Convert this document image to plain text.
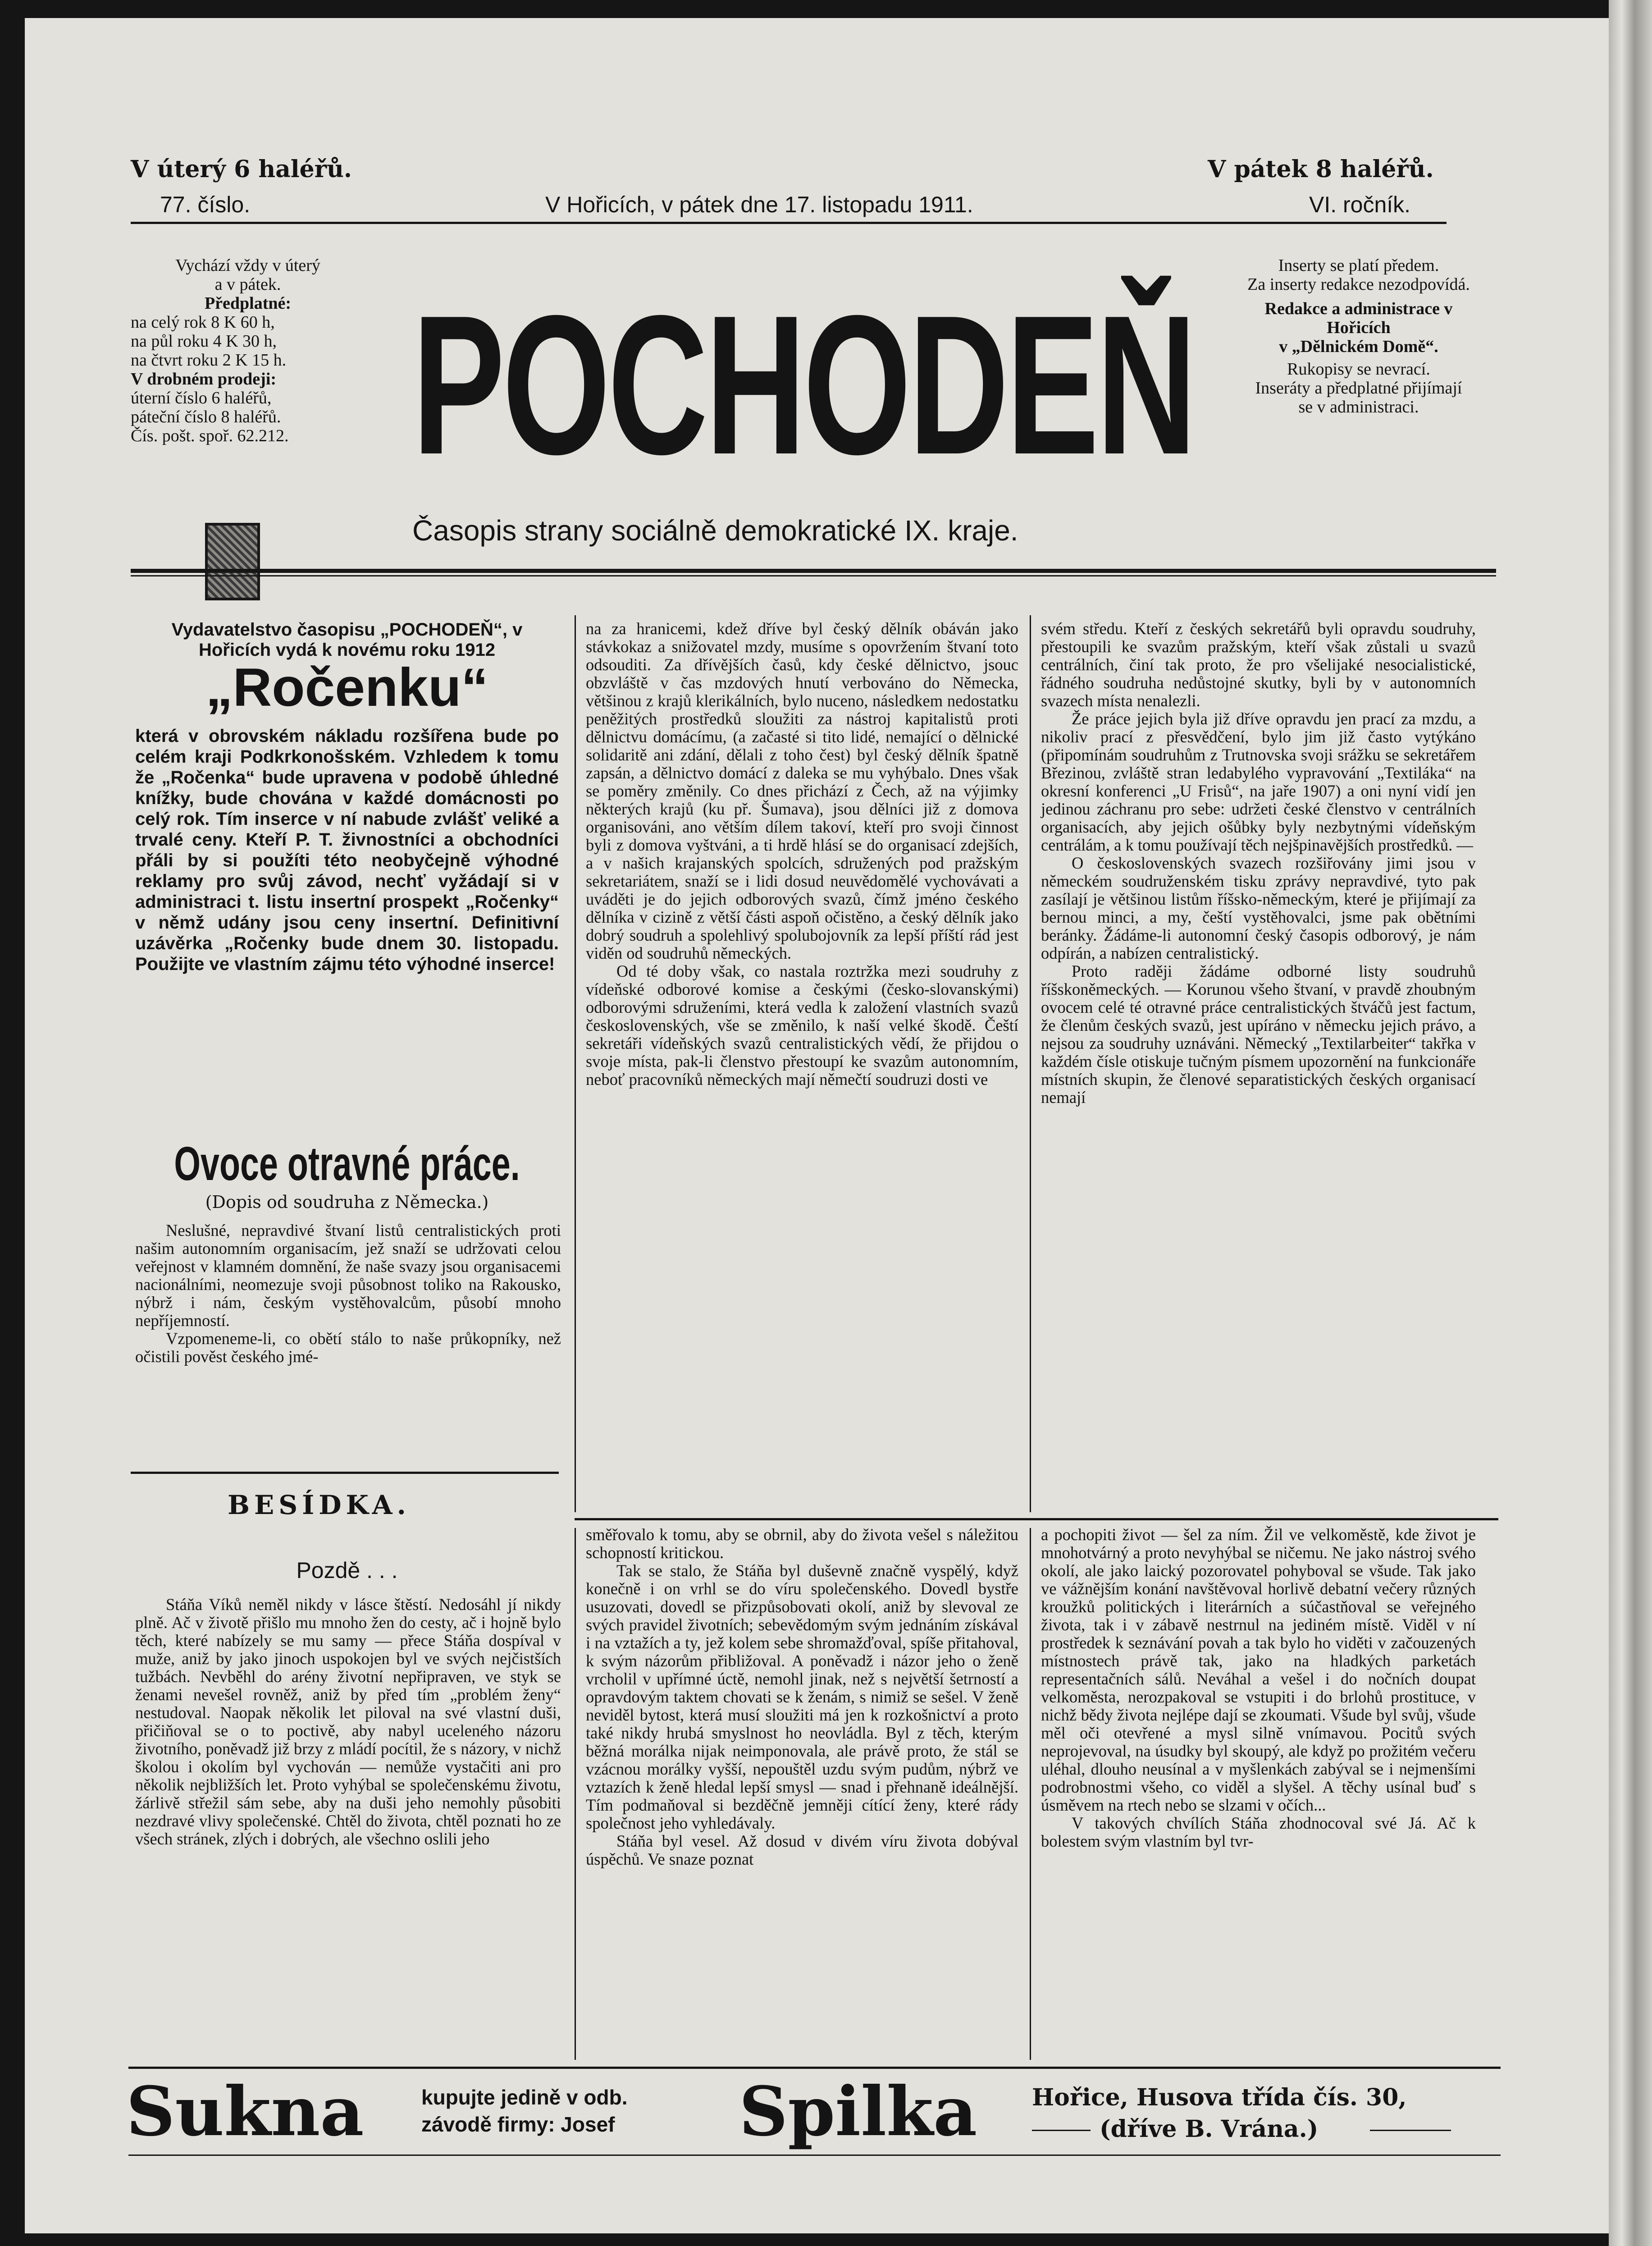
V úterý 6 haléřů.	V pátek 8 haléřů.
77. číslo.	V Hořicích, v pátek dne 17. listopadu 1911.	VI. ročník.
Vychází vždy v úterý
a v pátek.
Předplatné:
na celý rok 8 K 60 h,
na půl roku 4 K 30 h,
na čtvrt roku 2 K 15 h.
V drobném prodeji:
úterní číslo 6 haléřů,
páteční číslo 8 haléřů.
Čís. pošt. spoř. 62.212. POCHODEŇ
Časopis strany sociálně demokratické IX. kraje.
Inserty se platí předem.
Za inserty redakce nezodpovídá.
Redakce a administrace v Hořicích
v „Dělnickém Domě“.
Rukopisy se nevrací.
Inseráty a předplatné přijímají se v administraci.
Vydavatelstvo časopisu „POCHODEŇ“, v Hořicích vydá k novému roku 1912
„Ročenku“
která v obrovském nákladu rozšířena bude po celém kraji Podkrkonošském. Vzhledem k tomu že „Ročenka“ bude upravena v podobě úhledné knížky, bude chována v každé domácnosti po celý rok. Tím inserce v ní nabude zvlášť veliké a trvalé ceny. Kteří P. T. živnostníci a obchodníci přáli by si použíti této neobyčejně výhodné reklamy pro svůj závod, nechť vyžádají si v administraci t. listu insertní prospekt „Ročenky“ v němž udány jsou ceny insertní. Definitivní uzávěrka „Ročenky bude dnem 30. listopadu. Použijte ve vlastním zájmu této výhodné inserce!
Ovoce otravné práce.
(Dopis od soudruha z Německa.)

Neslušné, nepravdivé štvaní listů centralistických proti našim autonomním organisacím, jež snaží se udržovati celou veřejnost v klamném domnění, že naše svazy jsou organisacemi nacionálními, neomezuje svoji působnost toliko na Rakousko, nýbrž i nám, českým vystěhovalcům, působí mnoho nepříjemností.

Vzpomeneme-li, co obětí stálo to naše průkopníky, než očistili pověst českého jmé-

na za hranicemi, kdež dříve byl český dělník obáván jako stávkokaz a snižovatel mzdy, musíme s opovržením štvaní toto odsouditi. Za dřívějších časů, kdy české dělnictvo, jsouc obzvláště v čas mzdových hnutí verbováno do Německa, většinou z krajů klerikálních, bylo nuceno, následkem nedostatku peněžitých prostředků sloužiti za nástroj kapitalistů proti dělnictvu domácímu, (a začasté si tito lidé, nemající o dělnické solidaritě ani zdání, dělali z toho čest) byl český dělník špatně zapsán, a dělnictvo domácí z daleka se mu vyhýbalo. Dnes však se poměry změnily. Co dnes přichází z Čech, až na výjimky některých krajů (ku př. Šumava), jsou dělníci již z domova organisováni, ano větším dílem takoví, kteří pro svoji činnost byli z domova vyštváni, a ti hrdě hlásí se do organisací zdejších, a v našich krajanských spolcích, sdružených pod pražským sekretariátem, snaží se i lidi dosud neuvědomělé vychovávati a uváděti je do jejich odborových svazů, čímž jméno českého dělníka v cizině z větší části aspoň očistěno, a český dělník jako dobrý soudruh a spolehlivý spolubojovník za lepší příští rád jest viděn od soudruhů německých.

Od té doby však, co nastala roztržka mezi soudruhy z vídeňské odborové komise a českými (česko-slovanskými) odborovými sdruženími, která vedla k založení vlastních svazů československých, vše se změnilo, k naší velké škodě. Čeští sekretáři vídeňských svazů centralistických vědí, že přijdou o svoje místa, pak-li členstvo přestoupí ke svazům autonomním, neboť pracovníků německých mají němečtí soudruzi dosti ve

svém středu. Kteří z českých sekretářů byli opravdu soudruhy, přestoupili ke svazům pražským, kteří však zůstali u svazů centrálních, činí tak proto, že pro všelijaké nesocialistické, řádného soudruha nedůstojné skutky, byli by v autonomních svazech místa nenalezli.

Že práce jejich byla již dříve opravdu jen prací za mzdu, a nikoliv prací z přesvědčení, bylo jim již často vytýkáno (připomínám soudruhům z Trutnovska svoji srážku se sekretářem Březinou, zvláště stran ledabylého vypravování „Textiláka“ na okresní konferenci „U Frisů“, na jaře 1907) a oni nyní vidí jen jedinou záchranu pro sebe: udržeti české členstvo v centrálních organisacích, aby jejich ošůbky byly nezbytnými vídeňským centrálám, a k tomu používají těch nejšpinavějších prostředků. —

O československých svazech rozšiřovány jimi jsou v německém soudruženském tisku zprávy nepravdivé, tyto pak zasílají je většinou listům říšsko-německým, které je přijímají za bernou minci, a my, čeští vystěhovalci, jsme pak obětními beránky. Žádáme-li autonomní český časopis odborový, je nám odpírán, a nabízen centralistický.

Proto raději žádáme odborné listy soudruhů říšskoněmeckých. — Korunou všeho štvaní, v pravdě zhoubným ovocem celé té otravné práce centralistických štváčů jest factum, že členům českých svazů, jest upíráno v německu jejich právo, a nejsou za soudruhy uznáváni. Německý „Textilarbeiter“ takřka v každém čísle otiskuje tučným písmem upozornění na funkcionáře místních skupin, že členové separatistických českých organisací nemají

BESÍDKA.
Pozdě . . .

Stáňa Víků neměl nikdy v lásce štěstí. Nedosáhl jí nikdy plně. Ač v životě přišlo mu mnoho žen do cesty, ač i hojně bylo těch, které nabízely se mu samy — přece Stáňa dospíval v muže, aniž by jako jinoch uspokojen byl ve svých nejčistších tužbách. Nevběhl do arény životní nepřipraven, ve styk se ženami nevešel rovněž, aniž by před tím „problém ženy“ nestudoval. Naopak několik let piloval na své vlastní duši, přičiňoval se o to poctivě, aby nabyl uceleného názoru životního, poněvadž již brzy z mládí pocítil, že s názory, v nichž školou i okolím byl vychován — nemůže vystačiti ani pro několik nejbližších let. Proto vyhýbal se společenskému životu, žárlivě střežil sám sebe, aby na duši jeho nemohly působiti nezdravé vlivy společenské. Chtěl do života, chtěl poznati ho ze všech stránek, zlých i dobrých, ale všechno oslili jeho

směřovalo k tomu, aby se obrnil, aby do života vešel s náležitou schopností kritickou.

Tak se stalo, že Stáňa byl duševně značně vyspělý, když konečně i on vrhl se do víru společenského. Dovedl bystře usuzovati, dovedl se přizpůsobovati okolí, aniž by slevoval ze svých pravidel životních; sebevědomým svým jednáním získával i na vztažích a ty, jež kolem sebe shromažďoval, spíše přitahoval, k svým názorům přibližoval. A poněvadž i názor jeho o ženě vrcholil v upřímné úctě, nemohl jinak, než s největší šetrností a opravdovým taktem chovati se k ženám, s nimiž se sešel. V ženě neviděl bytost, která musí sloužiti má jen k rozkošnictví a proto také nikdy hrubá smyslnost ho neovládla. Byl z těch, kterým běžná morálka nijak neimponovala, ale právě proto, že stál se vzácnou morálky vyšší, nepouštěl uzdu svým pudům, nýbrž ve vztazích k ženě hledal lepší smysl — snad i přehnaně ideálnější. Tím podmaňoval si bezděčně jemněji cítící ženy, které rády společnost jeho vyhledávaly.

Stáňa byl vesel. Až dosud v divém víru života dobýval úspěchů. Ve snaze poznat

a pochopiti život — šel za ním. Žil ve velkoměstě, kde život je mnohotvárný a proto nevyhýbal se ničemu. Ne jako nástroj svého okolí, ale jako laický pozorovatel pohyboval se všude. Tak jako ve vážnějším konání navštěvoval horlivě debatní večery různých kroužků politických i literárních a súčastňoval se veřejného života, tak i v zábavě nestrnul na jediném místě. Viděl v ní prostředek k seznávání povah a tak bylo ho viděti v začouzených místnostech právě tak, jako na hladkých parketách representačních sálů. Neváhal a vešel i do nočních doupat velkoměsta, nerozpakoval se vstupiti i do brlohů prostituce, v nichž bědy života nejlépe dají se zkoumati. Všude byl svůj, všude měl oči otevřené a mysl silně vnímavou. Pocitů svých neprojevoval, na úsudky byl skoupý, ale když po prožitém večeru uléhal, dlouho neusínal a v myšlenkách zabýval se i nejmenšími podrobnostmi všeho, co viděl a slyšel. A těchy usínal buď s úsměvem na rtech nebo se slzami v očích...

V takových chvílích Stáňa zhodnocoval své Já. Ač k bolestem svým vlastním byl tvr-

Sukna	kupujte jedině v odb.
závodě firmy: Josef Spilka Hořice, Husova třída čís. 30,
(dříve B. Vrána.)
